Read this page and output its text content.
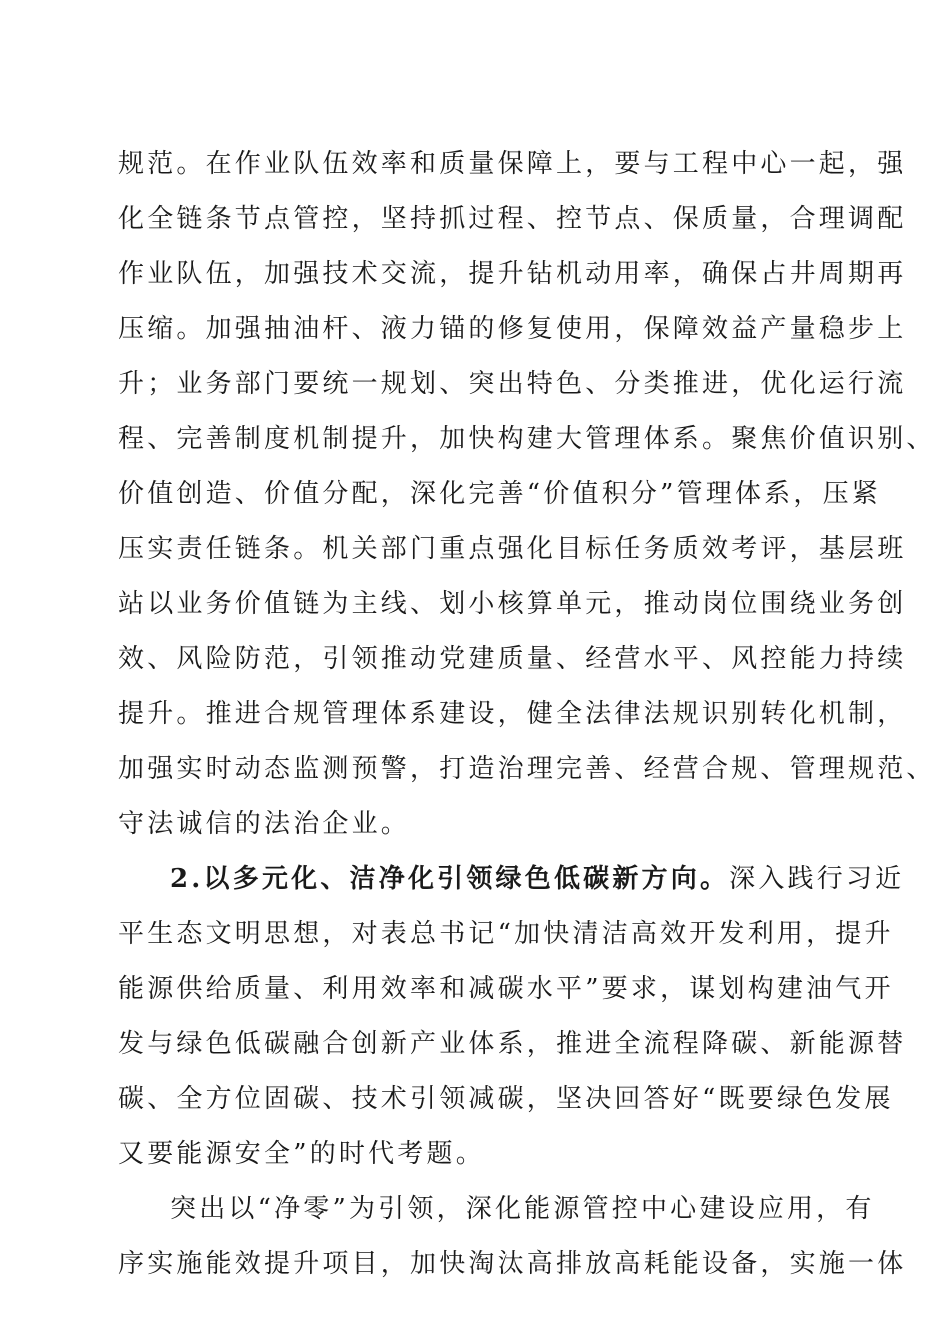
规范。在作业队伍效率和质量保障上，要与工程中心一起，强
化全链条节点管控，坚持抓过程、控节点、保质量，合理调配
作业队伍，加强技术交流，提升钻机动用率，确保占井周期再
压缩。加强抽油杆、液力锚的修复使用，保障效益产量稳步上
升；业务部门要统一规划、突出特色、分类推进，优化运行流
程、完善制度机制提升，加快构建大管理体系。聚焦价值识别、
价值创造、价值分配，深化完善“价值积分”管理体系，压紧
压实责任链条。机关部门重点强化目标任务质效考评，基层班
站以业务价值链为主线、划小核算单元，推动岗位围绕业务创
效、风险防范，引领推动党建质量、经营水平、风控能力持续
提升。推进合规管理体系建设，健全法律法规识别转化机制，
加强实时动态监测预警，打造治理完善、经营合规、管理规范、
守法诚信的法治企业。
2.以多元化、洁净化引领绿色低碳新方向。深入践行习近
平生态文明思想，对表总书记“加快清洁高效开发利用，提升
能源供给质量、利用效率和减碳水平”要求，谋划构建油气开
发与绿色低碳融合创新产业体系，推进全流程降碳、新能源替
碳、全方位固碳、技术引领减碳，坚决回答好“既要绿色发展
又要能源安全”的时代考题。
突出以“净零”为引领，深化能源管控中心建设应用，有
序实施能效提升项目，加快淘汰高排放高耗能设备，实施一体
